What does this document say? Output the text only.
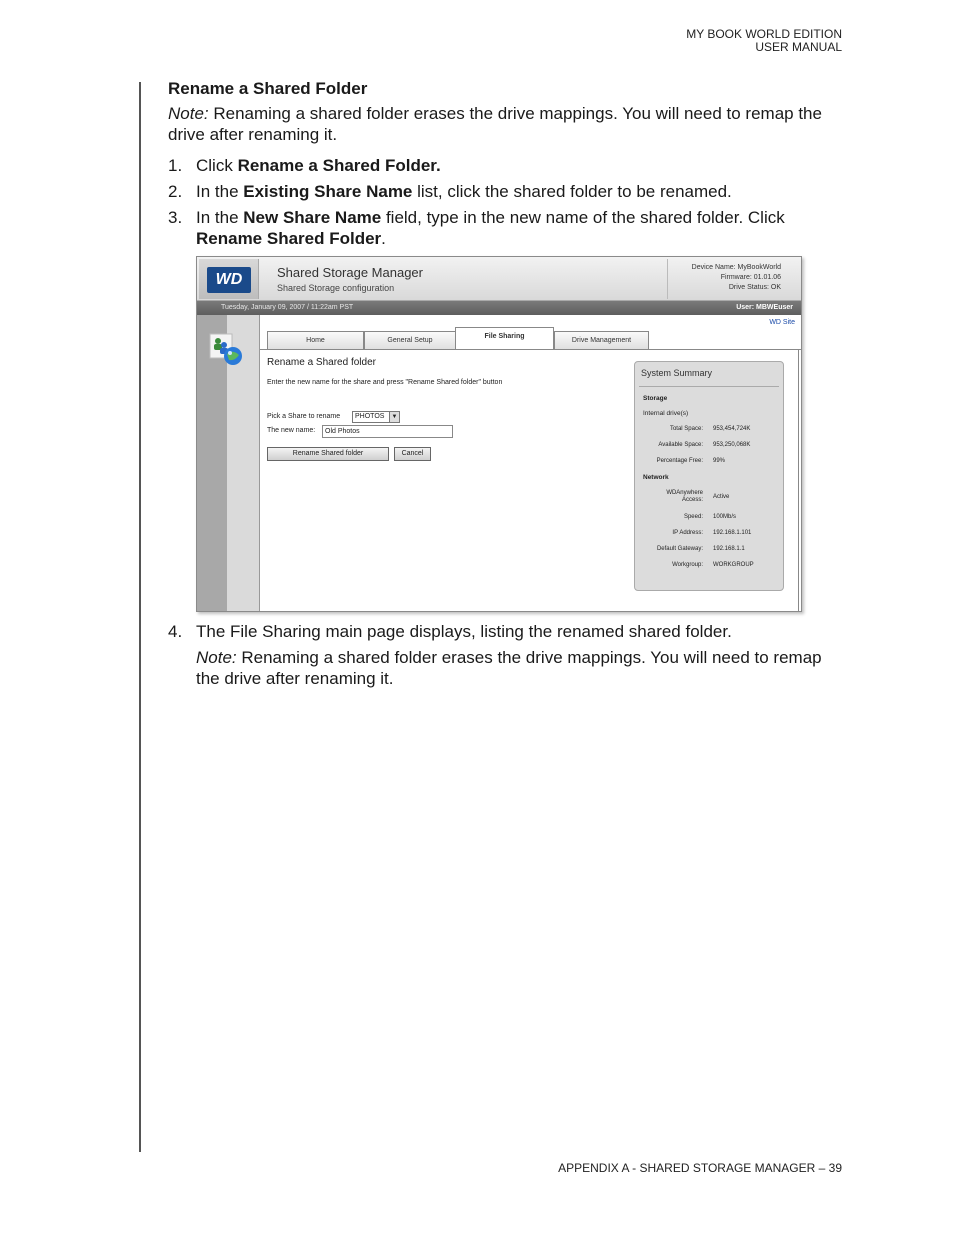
MY BOOK WORLD EDITION
USER MANUAL
Rename a Shared Folder

Note: Renaming a shared folder erases the drive mappings. You will need to remap the drive after renaming it.

1. Click Rename a Shared Folder.
2. In the Existing Share Name list, click the shared folder to be renamed.
3. In the New Share Name field, type in the new name of the shared folder. Click Rename Shared Folder.
WD	Shared Storage Manager
Shared Storage configuration
Device Name: MyBookWorld
Firmware: 01.01.06
Drive Status: OK
Tuesday, January 09, 2007 / 11:22am PST	User: MBWEuser
WD Site
Home	General Setup
File Sharing
Drive Management
Rename a Shared folder
Enter the new name for the share and press "Rename Shared folder" button
Pick a Share to rename	PHOTOS	▼
The new name:	Old Photos
Rename Shared folder	Cancel
System Summary
Storage
Internal drive(s)
Total Space: 953,454,724K
Available Space: 953,250,068K
Percentage Free: 99%
Network
WDAnywhere Access: Active
Speed: 100Mb/s
IP Address: 192.168.1.101
Default Gateway: 192.168.1.1
Workgroup: WORKGROUP
4. The File Sharing main page displays, listing the renamed shared folder.

Note: Renaming a shared folder erases the drive mappings. You will need to remap the drive after renaming it.

APPENDIX A - SHARED STORAGE MANAGER – 39
